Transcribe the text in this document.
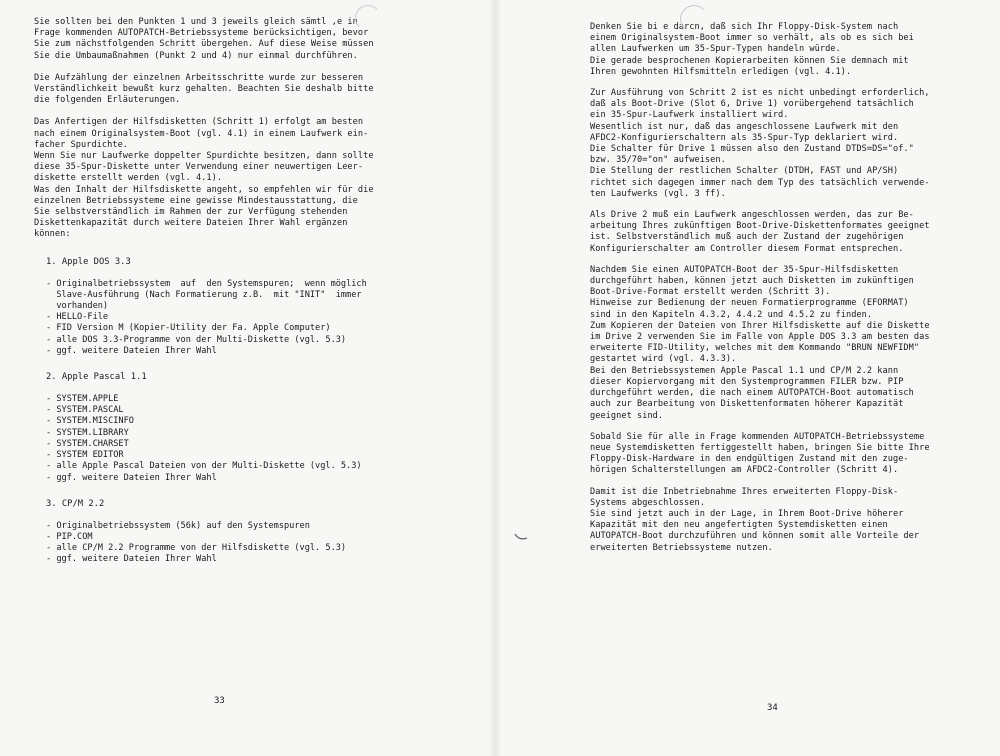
Sie sollten bei den Punkten 1 und 3 jeweils gleich sämtl ,e in
Frage kommenden AUTOPATCH-Betriebssysteme berücksichtigen, bevor
Sie zum nächstfolgenden Schritt übergehen. Auf diese Weise müssen
Sie die Umbaumaßnahmen (Punkt 2 und 4) nur einmal durchführen.

Die Aufzählung der einzelnen Arbeitsschritte wurde zur besseren
Verständlichkeit bewußt kurz gehalten. Beachten Sie deshalb bitte
die folgenden Erläuterungen.

Das Anfertigen der Hilfsdisketten (Schritt 1) erfolgt am besten
nach einem Originalsystem-Boot (vgl. 4.1) in einem Laufwerk ein-
facher Spurdichte.
Wenn Sie nur Laufwerke doppelter Spurdichte besitzen, dann sollte
diese 35-Spur-Diskette unter Verwendung einer neuwertigen Leer-
diskette erstellt werden (vgl. 4.1).
Was den Inhalt der Hilfsdiskette angeht, so empfehlen wir für die
einzelnen Betriebssysteme eine gewisse Mindestausstattung, die
Sie selbstverständlich im Rahmen der zur Verfügung stehenden
Diskettenkapazität durch weitere Dateien Ihrer Wahl ergänzen
können:

1. Apple DOS 3.3
- Originalbetriebssystem  auf  den Systemspuren;  wenn möglich
Slave-Ausführung (Nach Formatierung z.B.  mit "INIT"  immer
vorhanden)
- HELLO-File
- FID Version M (Kopier-Utility der Fa. Apple Computer)
- alle DOS 3.3-Programme von der Multi-Diskette (vgl. 5.3)
- ggf. weitere Dateien Ihrer Wahl
2. Apple Pascal 1.1
- SYSTEM.APPLE
- SYSTEM.PASCAL
- SYSTEM.MISCINFO
- SYSTEM.LIBRARY
- SYSTEM.CHARSET
- SYSTEM EDITOR
- alle Apple Pascal Dateien von der Multi-Diskette (vgl. 5.3)
- ggf. weitere Dateien Ihrer Wahl
3. CP/M 2.2
- Originalbetriebssystem (56k) auf den Systemspuren
- PIP.COM
- alle CP/M 2.2 Programme von der Hilfsdiskette (vgl. 5.3)
- ggf. weitere Dateien Ihrer Wahl
33

Denken Sie bi e darcn, daß sich Ihr Floppy-Disk-System nach
einem Originalsystem-Boot immer so verhält, als ob es sich bei
allen Laufwerken um 35-Spur-Typen handeln würde.
Die gerade besprochenen Kopierarbeiten können Sie demnach mit
Ihren gewohnten Hilfsmitteln erledigen (vgl. 4.1).

Zur Ausführung von Schritt 2 ist es nicht unbedingt erforderlich,
daß als Boot-Drive (Slot 6, Drive 1) vorübergehend tatsächlich
ein 35-Spur-Laufwerk installiert wird.
Wesentlich ist nur, daß das angeschlossene Laufwerk mit den
AFDC2-Konfigurierschaltern als 35-Spur-Typ deklariert wird.
Die Schalter für Drive 1 müssen also den Zustand DTDS=DS="of."
bzw. 35/70="on" aufweisen.
Die Stellung der restlichen Schalter (DTDH, FAST und AP/SH)
richtet sich dagegen immer nach dem Typ des tatsächlich verwende-
ten Laufwerks (vgl. 3 ff).

Als Drive 2 muß ein Laufwerk angeschlossen werden, das zur Be-
arbeitung Ihres zukünftigen Boot-Drive-Diskettenformates geeignet
ist. Selbstverständlich muß auch der Zustand der zugehörigen
Konfigurierschalter am Controller diesem Format entsprechen.

Nachdem Sie einen AUTOPATCH-Boot der 35-Spur-Hilfsdisketten
durchgeführt haben, können jetzt auch Disketten im zukünftigen
Boot-Drive-Format erstellt werden (Schritt 3).
Hinweise zur Bedienung der neuen Formatierprogramme (EFORMAT)
sind in den Kapiteln 4.3.2, 4.4.2 und 4.5.2 zu finden.
Zum Kopieren der Dateien von Ihrer Hilfsdiskette auf die Diskette
im Drive 2 verwenden Sie im Falle von Apple DOS 3.3 am besten das
erweiterte FID-Utility, welches mit dem Kommando "BRUN NEWFIDM"
gestartet wird (vgl. 4.3.3).
Bei den Betriebssystemen Apple Pascal 1.1 und CP/M 2.2 kann
dieser Kopiervorgang mit den Systemprogrammen FILER bzw. PIP
durchgeführt werden, die nach einem AUTOPATCH-Boot automatisch
auch zur Bearbeitung von Diskettenformaten höherer Kapazität
geeignet sind.

Sobald Sie für alle in Frage kommenden AUTOPATCH-Betriebssysteme
neue Systemdisketten fertiggestellt haben, bringen Sie bitte Ihre
Floppy-Disk-Hardware in den endgültigen Zustand mit den zuge-
hörigen Schalterstellungen am AFDC2-Controller (Schritt 4).

Damit ist die Inbetriebnahme Ihres erweiterten Floppy-Disk-
Systems abgeschlossen.
Sie sind jetzt auch in der Lage, in Ihrem Boot-Drive höherer
Kapazität mit den neu angefertigten Systemdisketten einen
AUTOPATCH-Boot durchzuführen und können somit alle Vorteile der
erweiterten Betriebssysteme nutzen.

34
